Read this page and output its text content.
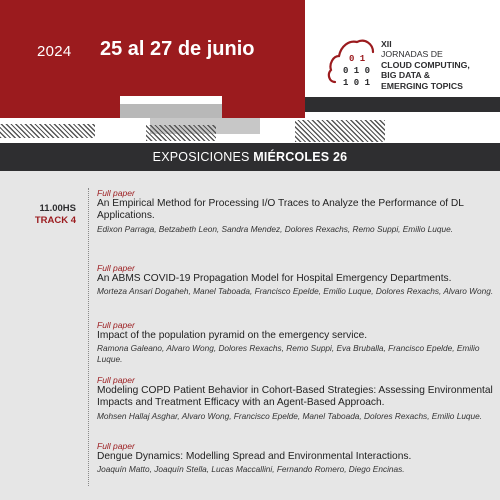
2024 25 al 27 de junio	0 1
0 1 0
1 0 1
XII
JORNADAS DE
CLOUD COMPUTING,
BIG DATA &
EMERGING TOPICS
EXPOSICIONES MIÉRCOLES 26
11.00HS
TRACK 4
Full paper
An Empirical Method for Processing I/O Traces to Analyze the Performance of DL Applications.
Edixon Parraga, Betzabeth Leon, Sandra Mendez, Dolores Rexachs, Remo Suppi, Emilio Luque.
Full paper
An ABMS COVID-19 Propagation Model for Hospital Emergency Departments.
Morteza Ansari Dogaheh, Manel Taboada, Francisco Epelde, Emilio Luque, Dolores Rexachs, Alvaro Wong.
Full paper
Impact of the population pyramid on the emergency service.
Ramona Galeano, Alvaro Wong, Dolores Rexachs, Remo Suppi, Eva Bruballa, Francisco Epelde, Emilio Luque.
Full paper
Modeling COPD Patient Behavior in Cohort-Based Strategies: Assessing Environmental Impacts and Treatment Efficacy with an Agent-Based Approach.
Mohsen Hallaj Asghar, Alvaro Wong, Francisco Epelde, Manel Taboada, Dolores Rexachs, Emilio Luque.
Full paper
Dengue Dynamics: Modelling Spread and Environmental Interactions.
Joaquín Matto, Joaquín Stella, Lucas Maccallini, Fernando Romero, Diego Encinas.
